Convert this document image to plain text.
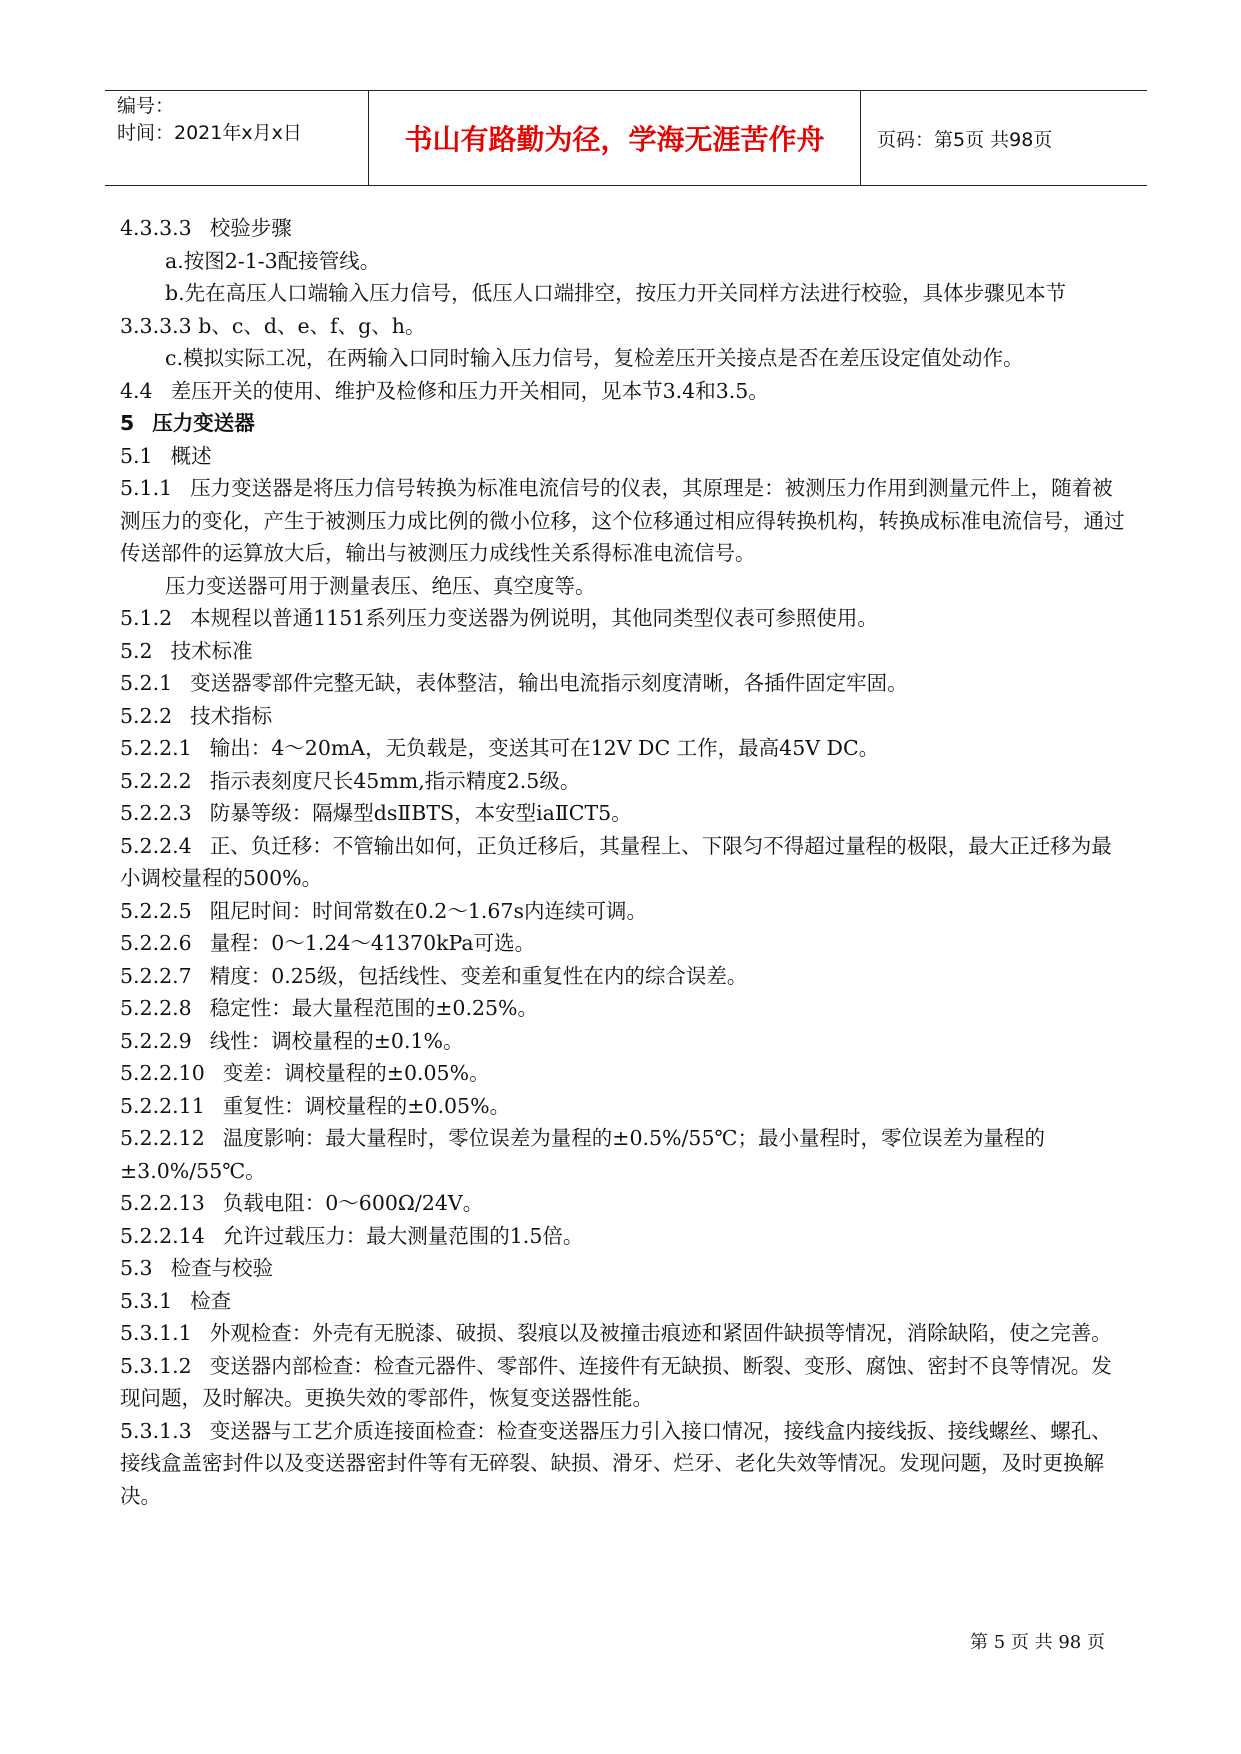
编号：
时间：2021年x月x日	书山有路勤为径，学海无涯苦作舟	页码：第5页 共98页

4.3.3.3 校验步骤

a.按图2-1-3配接管线。

b.先在高压人口端输入压力信号，低压人口端排空，按压力开关同样方法进行校验，具体步骤见本节3.3.3.3 b、c、d、e、f、g、h。

c.模拟实际工况，在两输入口同时输入压力信号，复检差压开关接点是否在差压设定值处动作。

4.4 差压开关的使用、维护及检修和压力开关相同，见本节3.4和3.5。

5 压力变送器

5.1 概述

5.1.1 压力变送器是将压力信号转换为标准电流信号的仪表，其原理是：被测压力作用到测量元件上，随着被测压力的变化，产生于被测压力成比例的微小位移，这个位移通过相应得转换机构，转换成标准电流信号，通过传送部件的运算放大后，输出与被测压力成线性关系得标准电流信号。

压力变送器可用于测量表压、绝压、真空度等。

5.1.2 本规程以普通1151系列压力变送器为例说明，其他同类型仪表可参照使用。

5.2 技术标准

5.2.1 变送器零部件完整无缺，表体整洁，输出电流指示刻度清晰，各插件固定牢固。

5.2.2 技术指标

5.2.2.1 输出：4～20mA，无负载是，变送其可在12V DC 工作，最高45V DC。

5.2.2.2 指示表刻度尺长45mm,指示精度2.5级。

5.2.2.3 防暴等级：隔爆型dsⅡBTS，本安型iaⅡCT5。

5.2.2.4 正、负迁移：不管输出如何，正负迁移后，其量程上、下限匀不得超过量程的极限，最大正迁移为最小调校量程的500%。

5.2.2.5 阻尼时间：时间常数在0.2～1.67s内连续可调。

5.2.2.6 量程：0～1.24～41370kPa可选。

5.2.2.7 精度：0.25级，包括线性、变差和重复性在内的综合误差。

5.2.2.8 稳定性：最大量程范围的±0.25%。

5.2.2.9 线性：调校量程的±0.1%。

5.2.2.10 变差：调校量程的±0.05%。

5.2.2.11 重复性：调校量程的±0.05%。

5.2.2.12 温度影响：最大量程时，零位误差为量程的±0.5%/55℃；最小量程时，零位误差为量程的±3.0%/55℃。

5.2.2.13 负载电阻：0～600Ω/24V。

5.2.2.14 允许过载压力：最大测量范围的1.5倍。

5.3 检查与校验

5.3.1 检查

5.3.1.1 外观检查：外壳有无脱漆、破损、裂痕以及被撞击痕迹和紧固件缺损等情况，消除缺陷，使之完善。

5.3.1.2 变送器内部检查：检查元器件、零部件、连接件有无缺损、断裂、变形、腐蚀、密封不良等情况。发现问题，及时解决。更换失效的零部件，恢复变送器性能。

5.3.1.3 变送器与工艺介质连接面检查：检查变送器压力引入接口情况，接线盒内接线扳、接线螺丝、螺孔、接线盒盖密封件以及变送器密封件等有无碎裂、缺损、滑牙、烂牙、老化失效等情况。发现问题，及时更换解决。

第 5 页 共 98 页
